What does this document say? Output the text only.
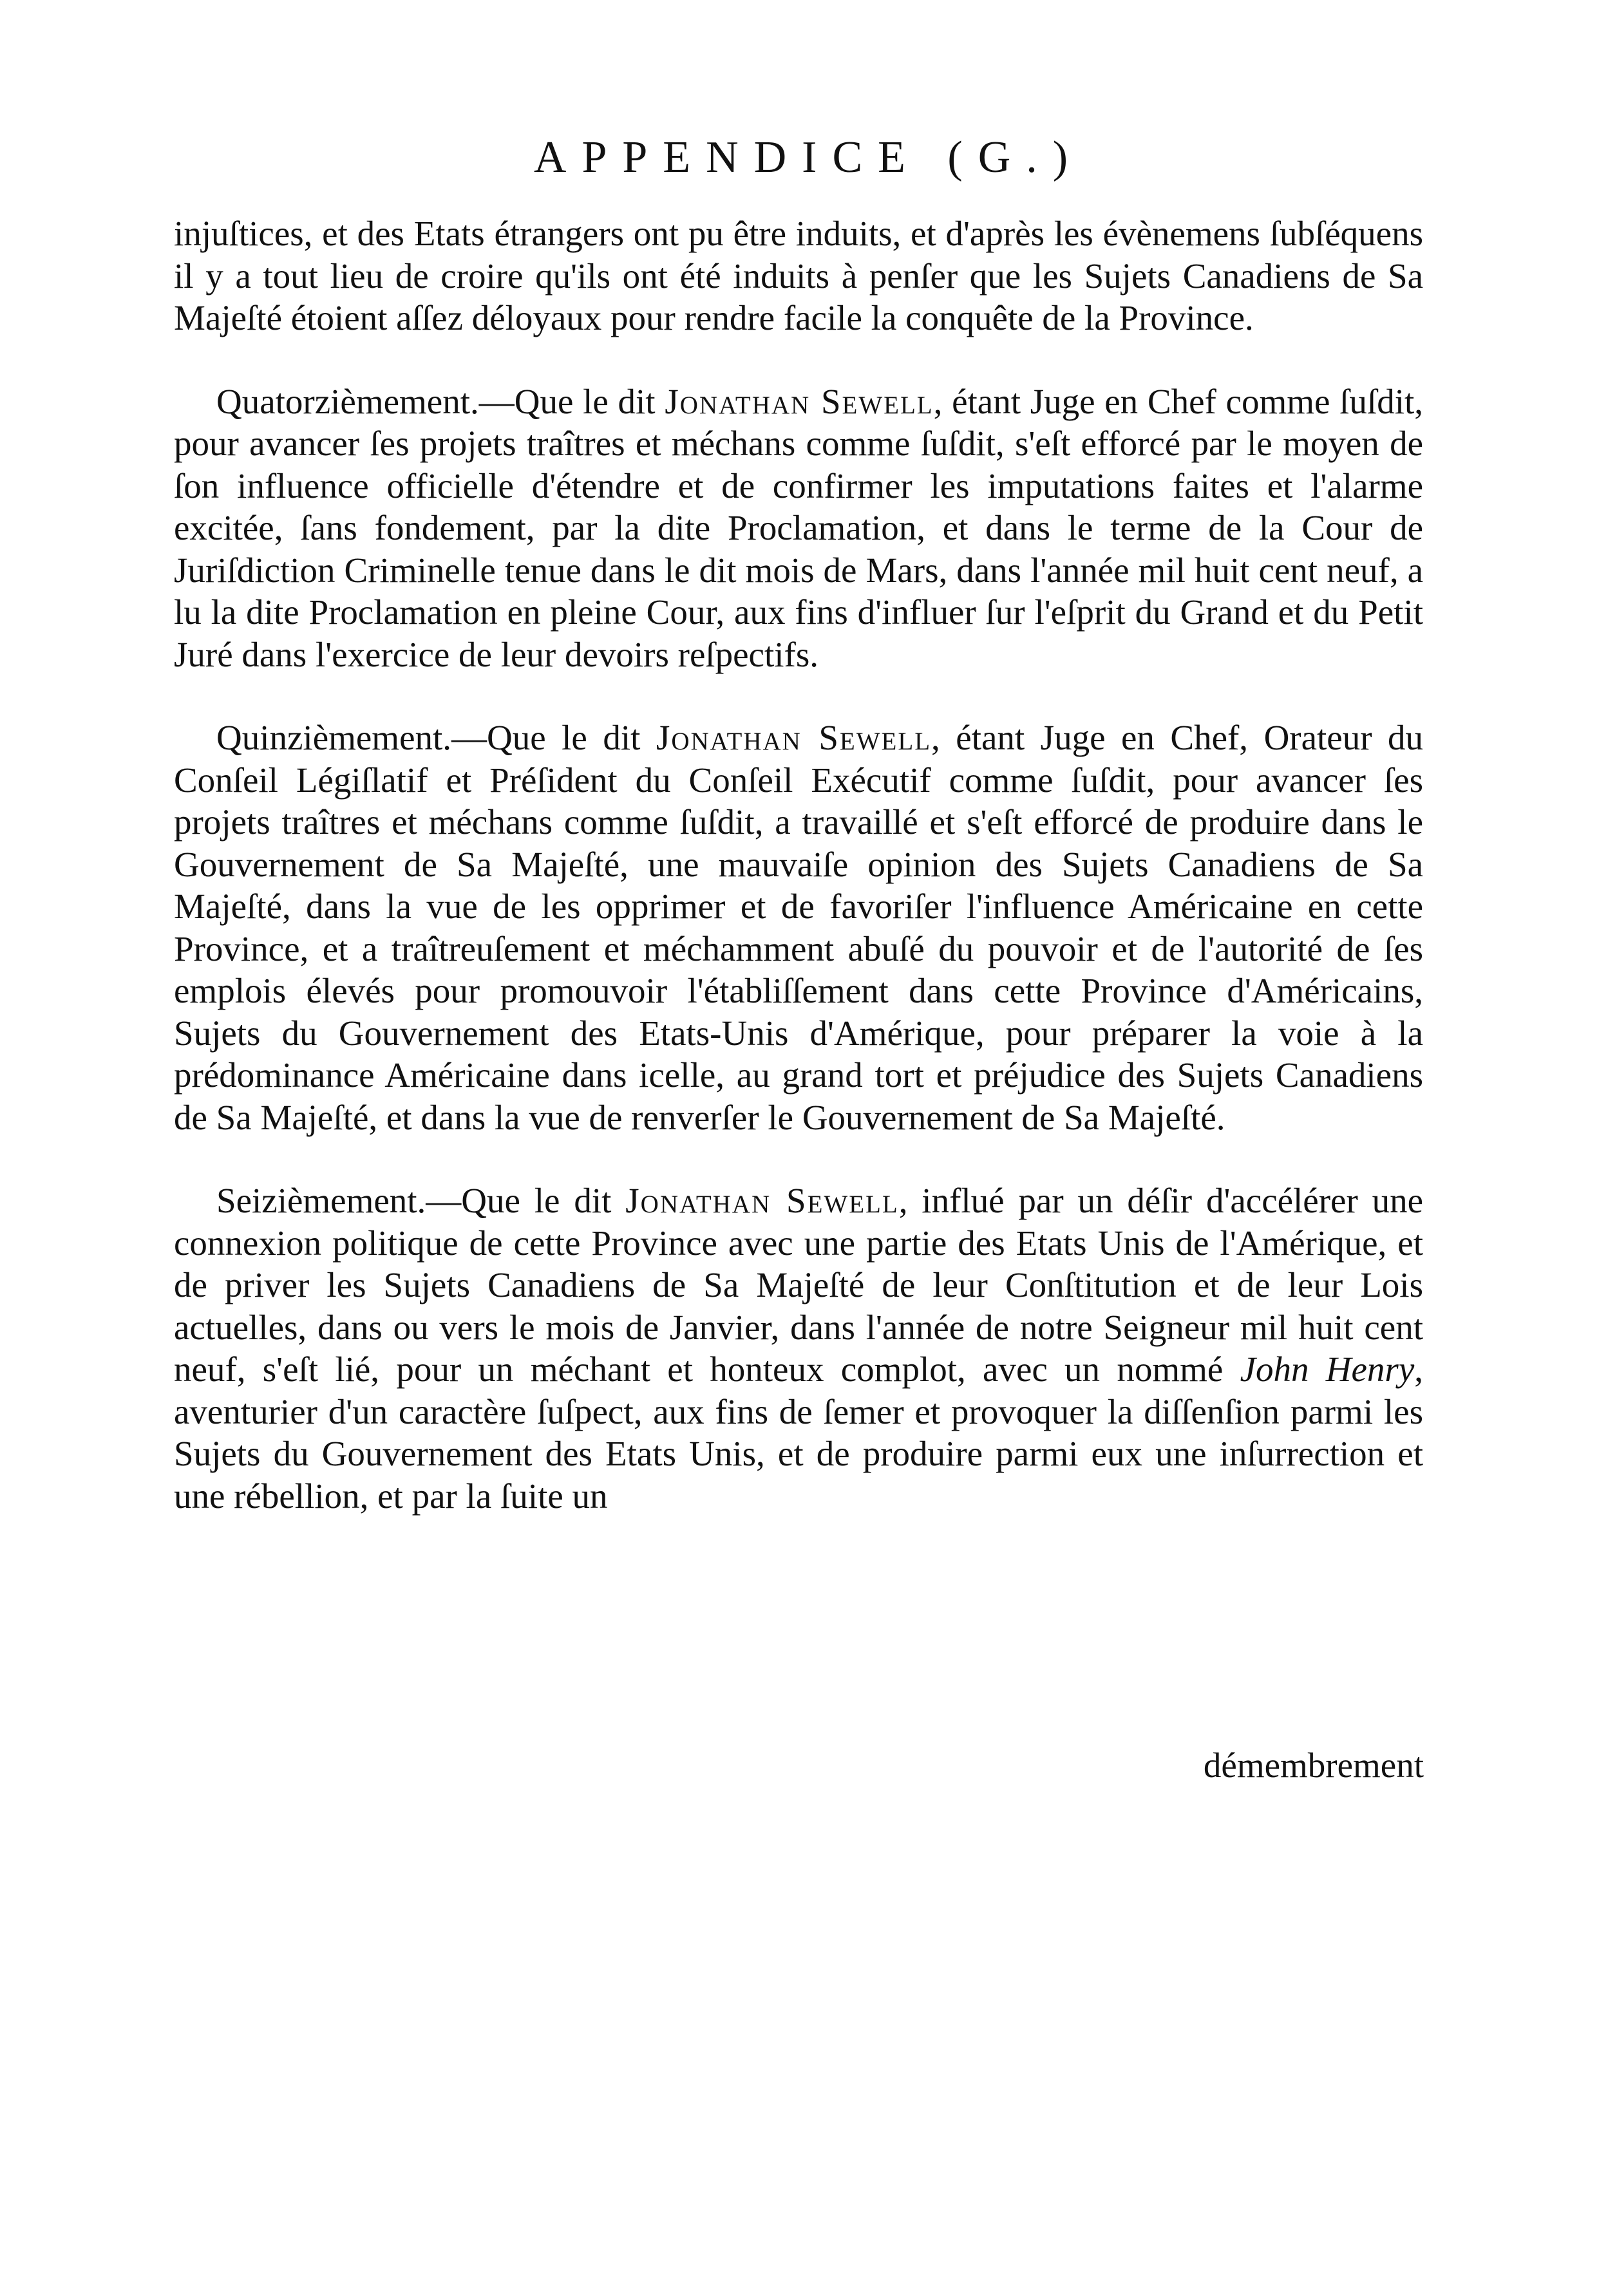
APPENDICE (G.)

injuſtices, et des Etats étrangers ont pu être induits, et d'après les évènemens ſubſéquens il y a tout lieu de croire qu'ils ont été induits à penſer que les Sujets Canadiens de Sa Majeſté étoient aſſez déloyaux pour rendre facile la conquête de la Province.

Quatorzièmement.—Que le dit Jonathan Sewell, étant Juge en Chef comme ſuſdit, pour avancer ſes projets traîtres et méchans comme ſuſdit, s'eſt efforcé par le moyen de ſon influence officielle d'étendre et de confirmer les imputations faites et l'alarme excitée, ſans fondement, par la dite Proclamation, et dans le terme de la Cour de Juriſdiction Criminelle tenue dans le dit mois de Mars, dans l'année mil huit cent neuf, a lu la dite Proclamation en pleine Cour, aux fins d'influer ſur l'eſprit du Grand et du Petit Juré dans l'exercice de leur devoirs reſpectifs.

Quinzièmement.—Que le dit Jonathan Sewell, étant Juge en Chef, Orateur du Conſeil Légiſlatif et Préſident du Conſeil Exécutif comme ſuſdit, pour avancer ſes projets traîtres et méchans comme ſuſdit, a travaillé et s'eſt efforcé de produire dans le Gouvernement de Sa Majeſté, une mauvaiſe opinion des Sujets Canadiens de Sa Majeſté, dans la vue de les opprimer et de favoriſer l'influence Américaine en cette Province, et a traîtreuſement et méchamment abuſé du pouvoir et de l'autorité de ſes emplois élevés pour promouvoir l'établiſſement dans cette Province d'Américains, Sujets du Gouvernement des Etats-Unis d'Amérique, pour préparer la voie à la prédominance Américaine dans icelle, au grand tort et préjudice des Sujets Canadiens de Sa Majeſté, et dans la vue de renverſer le Gouvernement de Sa Majeſté.

Seizièmement.—Que le dit Jonathan Sewell, influé par un déſir d'accélérer une connexion politique de cette Province avec une partie des Etats Unis de l'Amérique, et de priver les Sujets Canadiens de Sa Majeſté de leur Conſtitution et de leur Lois actuelles, dans ou vers le mois de Janvier, dans l'année de notre Seigneur mil huit cent neuf, s'eſt lié, pour un méchant et honteux complot, avec un nommé John Henry, aventurier d'un caractère ſuſpect, aux fins de ſemer et provoquer la diſſenſion parmi les Sujets du Gouvernement des Etats Unis, et de produire parmi eux une inſurrection et une rébellion, et par la ſuite un

démembrement
